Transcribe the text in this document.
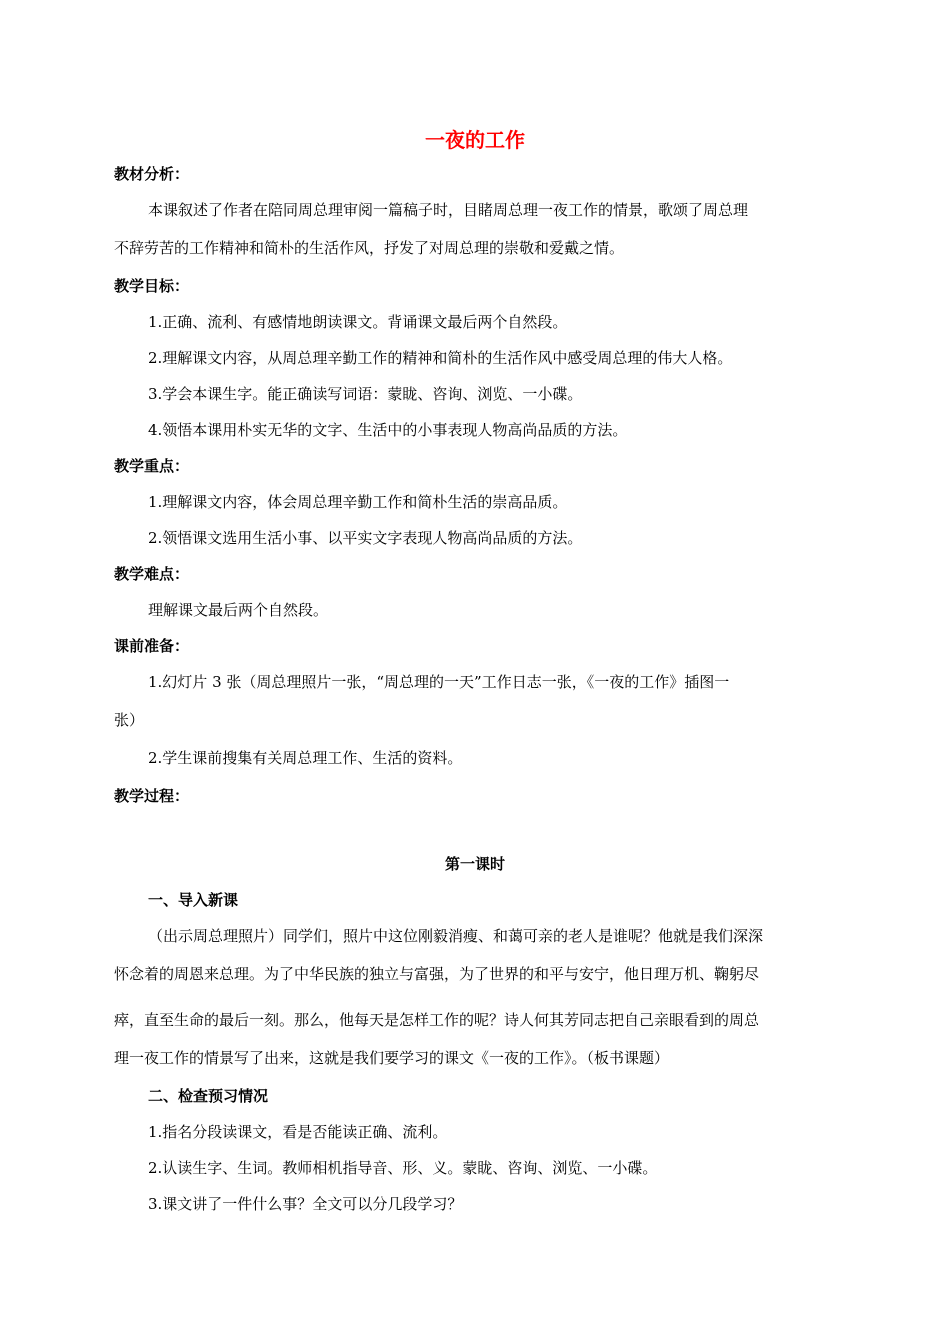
一夜的工作
教材分析：
本课叙述了作者在陪同周总理审阅一篇稿子时，目睹周总理一夜工作的情景，歌颂了周总理
不辞劳苦的工作精神和简朴的生活作风，抒发了对周总理的崇敬和爱戴之情。
教学目标：
1.正确、流利、有感情地朗读课文。背诵课文最后两个自然段。
2.理解课文内容，从周总理辛勤工作的精神和简朴的生活作风中感受周总理的伟大人格。
3.学会本课生字。能正确读写词语：蒙眬、咨询、浏览、一小碟。
4.领悟本课用朴实无华的文字、生活中的小事表现人物高尚品质的方法。
教学重点：
1.理解课文内容，体会周总理辛勤工作和简朴生活的崇高品质。
2.领悟课文选用生活小事、以平实文字表现人物高尚品质的方法。
教学难点：
理解课文最后两个自然段。
课前准备：
1.幻灯片 3 张（周总理照片一张，“周总理的一天”工作日志一张，《一夜的工作》插图一
张）
2.学生课前搜集有关周总理工作、生活的资料。
教学过程：
第一课时
一、导入新课
（出示周总理照片）同学们，照片中这位刚毅消瘦、和蔼可亲的老人是谁呢？他就是我们深深
怀念着的周恩来总理。为了中华民族的独立与富强，为了世界的和平与安宁，他日理万机、鞠躬尽
瘁，直至生命的最后一刻。那么，他每天是怎样工作的呢？诗人何其芳同志把自己亲眼看到的周总
理一夜工作的情景写了出来，这就是我们要学习的课文《一夜的工作》。（板书课题）
二、检查预习情况
1.指名分段读课文，看是否能读正确、流利。
2.认读生字、生词。教师相机指导音、形、义。蒙眬、咨询、浏览、一小碟。
3.课文讲了一件什么事？全文可以分几段学习？
